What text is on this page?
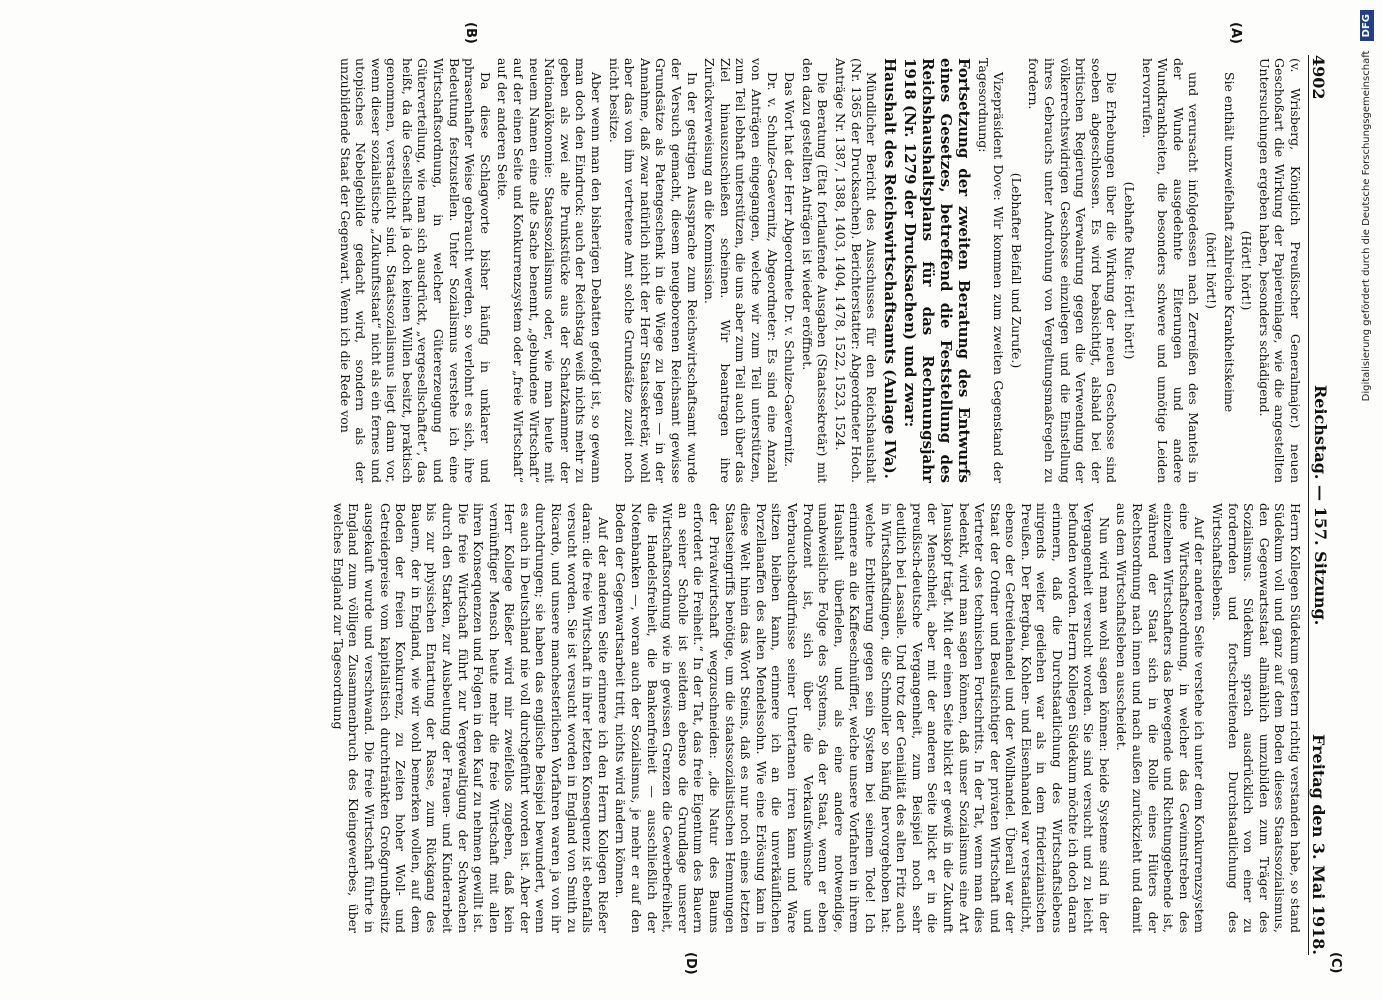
4902
Reichstag. — 157. Sitzung.
Freitag den 3. Mai 1918.
(A)
(B)
(C)
(D)

(v. Wrisberg, Königlich Preußischer Generalmajor.) neuen Geschoßart die Wirkung der Papiereinlage, wie die angestellten Untersuchungen ergeben haben, besonders schädigend.

(Hört! hört!)

Sie enthält unzweifelhaft zahlreiche Krankheitskeime

(hört! hört!)

und verursacht infolgedessen nach Zerreißen des Mantels in der Wunde ausgedehnte Eiterungen und andere Wundkrankheiten, die besonders schwere und unnötige Leiden hervorrufen.

(Lebhafte Rufe: Hört! hört!)

Die Erhebungen über die Wirkung der neuen Geschosse sind soeben abgeschlossen. Es wird beabsichtigt, alsbald bei der britischen Regierung Verwahrung gegen die Verwendung der völkerrechtswidrigen Geschosse einzulegen und die Einstellung ihres Gebrauchs unter Androhung von Vergeltungsmaßregeln zu fordern.

(Lebhafter Beifall und Zurufe.)

Vizepräsident Dove: Wir kommen zum zweiten Gegenstand der Tagesordnung:

Fortsetzung der zweiten Beratung des Entwurfs eines Gesetzes, betreffend die Feststellung des Reichshaushaltsplans für das Rechnungsjahr 1918 (Nr. 1279 der Drucksachen) und zwar:

Haushalt des Reichswirtschaftsamts (Anlage IVa).

Mündlicher Bericht des Ausschusses für den Reichshaushalt (Nr. 1365 der Drucksachen). Berichterstatter: Abgeordneter Hoch. Anträge Nr. 1387, 1388, 1403, 1404, 1478, 1522, 1523, 1524.

Die Beratung (Etat fortlaufende Ausgaben (Staatssekretär) mit den dazu gestellten Anträgen ist wieder eröffnet.

Das Wort hat der Herr Abgeordnete Dr. v. Schulze-Gaevernitz.

Dr. v. Schulze-Gaevernitz, Abgeordneter: Es sind eine Anzahl von Anträgen eingegangen, welche wir zum Teil unterstützen, zum Teil lebhaft unterstützen, die uns aber zum Teil auch über das Ziel hinauszuschießen scheinen. Wir beantragen ihre Zurückverweisung an die Kommission.

In der gestrigen Aussprache zum Reichswirtschaftsamt wurde der Versuch gemacht, diesem neugeborenen Reichsamt gewisse Grundsätze als Patengeschenk in die Wiege zu legen — in der Annahme, daß zwar natürlich nicht der Herr Staatssekretär, wohl aber das von ihm vertretene Amt solche Grundsätze zuzeit noch nicht besitze.

Aber wenn man den bisherigen Debatten gefolgt ist, so gewann man doch den Eindruck: auch der Reichstag weiß nichts mehr zu geben als zwei alte Prunkstücke aus der Schatzkammer der Nationalökonomie: Staatssozialismus oder, wie man heute mit neuem Namen eine alte Sache benennt, „gebundene Wirtschaft“ auf der einen Seite und Konkurrenzsystem oder „freie Wirtschaft“ auf der anderen Seite.

Da diese Schlagworte bisher häufig in unklarer und phrasenhafter Weise gebraucht werden, so verlohnt es sich, ihre Bedeutung festzustellen. Unter Sozialismus verstehe ich eine Wirtschaftsordnung, in welcher Gütererzeugung und Güterverteilung, wie man sich ausdrückt, „vergesellschaftet“, das heißt, da die Gesellschaft ja doch keinen Willen besitzt, praktisch genommen, verstaatlicht sind. Staatssozialismus liegt dann vor, wenn dieser sozialistische „Zukunftsstaat“ nicht als ein fernes und utopisches Nebelgebilde gedacht wird, sondern als der unzubildende Staat der Gegenwart. Wenn ich die Rede von

Herrn Kollegen Südekum gestern richtig verstanden habe, so stand Südekum voll und ganz auf dem Boden dieses Staatssozialismus, den Gegenwartsstaat allmählich umzubilden zum Träger des Sozialismus. Südekum sprach ausdrücklich von einer zu fordernden und fortschreitenden Durchstaatlichung des Wirtschaftslebens.

Auf der anderen Seite verstehe ich unter dem Konkurrenzsystem eine Wirtschaftsordnung, in welcher das Gewinnstreben des einzelnen Wirtschafters das Bewegende und Richtunggebende ist, während der Staat sich in die Rolle eines Hüters der Rechtsordnung nach innen und nach außen zurückzieht und damit aus dem Wirtschaftsleben ausscheidet.

Nun wird man wohl sagen können: beide Systeme sind in der Vergangenheit versucht worden. Sie sind versucht und zu leicht befunden worden. Herrn Kollegen Südekum möchte ich doch daran erinnern, daß die Durchstaatlichung des Wirtschaftslebens nirgends weiter gediehen war als in dem friderizianischen Preußen. Der Bergbau, Kohlen- und Eisenhandel war verstaatlicht, ebenso der Getreidehandel und der Wollhandel. Überall war der Staat der Ordner und Beaufsichtiger der privaten Wirtschaft und Vertreter des technischen Fortschritts. In der Tat, wenn man dies bedenkt, wird man sagen können, daß unser Sozialismus eine Art Januskopf trägt. Mit der einen Seite blickt er gewiß in die Zukunft der Menschheit, aber mit der anderen Seite blickt er in die preußisch-deutsche Vergangenheit, zum Beispiel noch sehr deutlich bei Lassalle. Und trotz der Genialität des alten Fritz auch in Wirtschaftsdingen, die Schmoller so häufig hervorgehoben hat: welche Erbitterung gegen sein System bei seinem Tode! Ich erinnere an die Kaffeeschnüffler, welche unsere Vorfahren in ihrem Haushalt überfielen, und als eine andere notwendige, unabweisliche Folge des Systems, da der Staat, wenn er eben Produzent ist, sich über die Verkaufswünsche und Verbrauchsbedürfnisse seiner Untertanen irren kann und Ware sitzen bleiben kann, erinnere ich an die unverkäuflichen Porzellanaffen des alten Mendelssohn. Wie eine Erlösung kam in diese Welt hinein das Wort Steins, daß es nur noch eines letzten Staatseingriffs benötige, um die staatssozialistischen Hemmungen der Privatwirtschaft wegzuschneiden: „die Natur des Baums erfordert die Freiheit.“ In der Tat, das freie Eigentum des Bauern an seiner Scholle ist seitdem ebenso die Grundlage unserer Wirtschaftsordnung wie in gewissen Grenzen die Gewerbefreiheit, die Handelsfreiheit, die Bankenfreiheit — ausschließlich der Notenbanken —, woran auch der Sozialismus, je mehr er auf den Boden der Gegenwartsarbeit tritt, nichts wird ändern können.

Auf der anderen Seite erinnere ich den Herrn Kollegen Rießer daran: die freie Wirtschaft in ihrer letzten Konsequenz ist ebenfalls versucht worden. Sie ist versucht worden in England von Smith zu Ricardo, und unsere manchesterlichen Vorfahren waren ja von ihr durchdrungen; sie haben das englische Beispiel bewundert, wenn es auch in Deutschland nie voll durchgeführt worden ist. Aber der Herr Kollege Rießer wird mir zweifellos zugeben, daß kein vernünftiger Mensch heute mehr die freie Wirtschaft mit allen ihren Konsequenzen und Folgen in den Kauf zu nehmen gewillt ist. Die freie Wirtschaft führt zur Vergewaltigung der Schwachen durch den Starken, zur Ausbeutung der Frauen- und Kinderarbeit bis zur physischen Entartung der Rasse, zum Rückgang des Bauern, der in England, wie wir wohl bemerken wollen, auf dem Boden der freien Konkurrenz, zu Zeiten hoher Woll- und Getreidepreise vom kapitalistisch durchtränkten Großgrundbesitz ausgekauft wurde und verschwand. Die freie Wirtschaft führte in England zum völligen Zusammenbruch des Kleingewerbes, über welches England zur Tagesordnung

Digitalisierung gefördert durch die Deutsche Forschungsgemeinschaft DFG
